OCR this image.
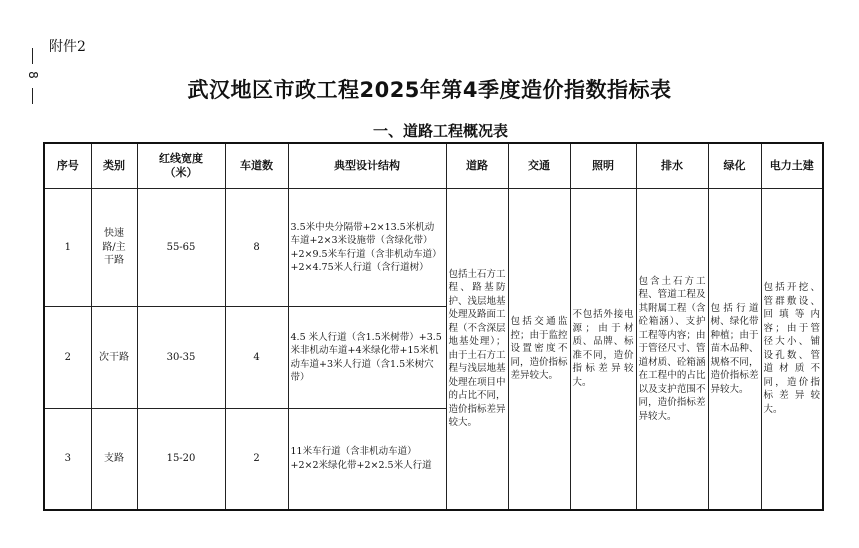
8
附件2
武汉地区市政工程2025年第4季度造价指数指标表
一、道路工程概况表
序号	类别	红线宽度（米）	车道数	典型设计结构	道路	交通	照明	排水	绿化	电力土建
1	快速路/主干路	55-65	8	3.5米中央分隔带+2×13.5米机动车道+2×3米设施带（含绿化带）+2×9.5米车行道（含非机动车道）+2×4.75米人行道（含行道树）	包括土石方工程、路基防护、浅层地基处理及路面工程（不含深层地基处理）；由于土石方工程与浅层地基处理在项目中的占比不同，造价指标差异较大。	包括交通监控；由于监控设置密度不同，造价指标差异较大。	不包括外接电源；由于材质、品牌、标准不同，造价指标差异较大。	包含土石方工程、管道工程及其附属工程（含砼箱涵）、支护工程等内容；由于管径尺寸、管道材质、砼箱涵在工程中的占比以及支护范围不同，造价指标差异较大。	包括行道树、绿化带种植；由于苗木品种、规格不同，造价指标差异较大。	包括开挖、管群敷设、回填等内容；由于管径大小、铺设孔数、管道材质不同，造价指标差异较大。
2	次干路	30-35	4	4.5 米人行道（含1.5米树带）+3.5米非机动车道+4米绿化带+15米机动车道+3米人行道（含1.5米树穴带）						
3	支路	15-20	2	11米车行道（含非机动车道）+2×2米绿化带+2×2.5米人行道						
